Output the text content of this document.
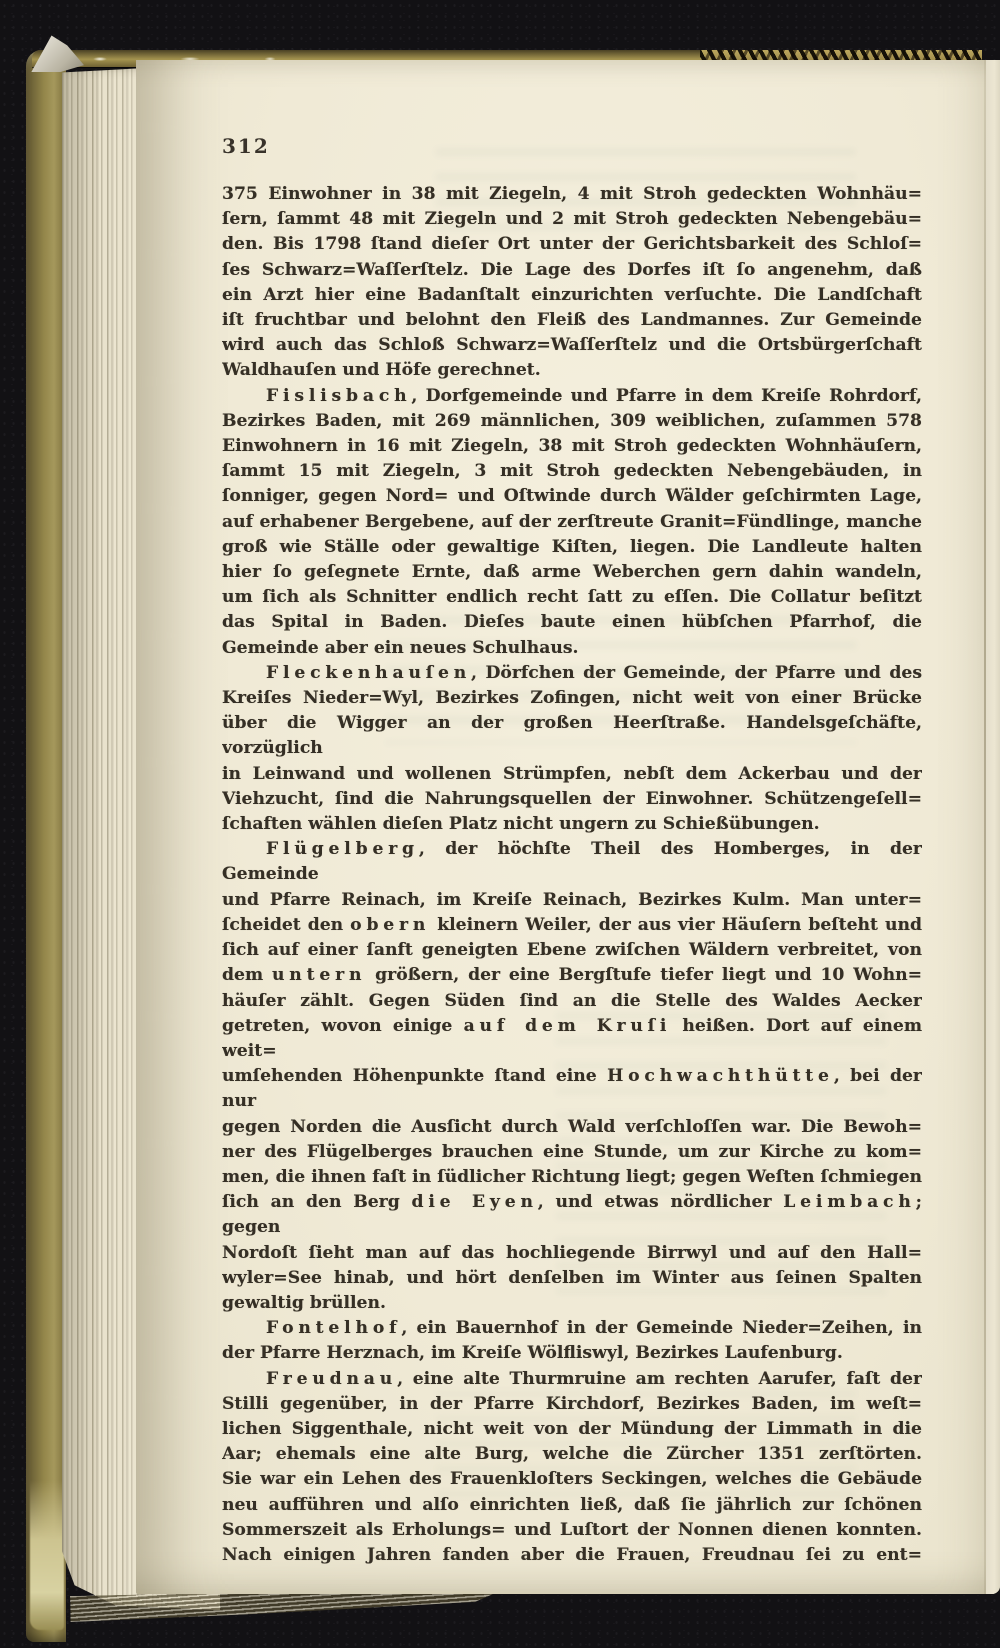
312
375 Einwohner in 38 mit Ziegeln, 4 mit Stroh gedeckten Wohnhäu=
ſern, ſammt 48 mit Ziegeln und 2 mit Stroh gedeckten Nebengebäu=
den. Bis 1798 ſtand dieſer Ort unter der Gerichtsbarkeit des Schloſ=
ſes Schwarz=Waſſerſtelz. Die Lage des Dorfes iſt ſo angenehm, daß
ein Arzt hier eine Badanſtalt einzurichten verſuchte. Die Landſchaft
iſt fruchtbar und belohnt den Fleiß des Landmannes. Zur Gemeinde
wird auch das Schloß Schwarz=Waſſerſtelz und die Ortsbürgerſchaft
Waldhauſen und Höfe gerechnet.
Fislisbach, Dorfgemeinde und Pfarre in dem Kreiſe Rohrdorf,
Bezirkes Baden, mit 269 männlichen, 309 weiblichen, zuſammen 578
Einwohnern in 16 mit Ziegeln, 38 mit Stroh gedeckten Wohnhäuſern,
ſammt 15 mit Ziegeln, 3 mit Stroh gedeckten Nebengebäuden, in
ſonniger, gegen Nord= und Oſtwinde durch Wälder geſchirmten Lage,
auf erhabener Bergebene, auf der zerſtreute Granit=Fündlinge, manche
groß wie Ställe oder gewaltige Kiſten, liegen. Die Landleute halten
hier ſo geſegnete Ernte, daß arme Weberchen gern dahin wandeln,
um ſich als Schnitter endlich recht ſatt zu eſſen. Die Collatur beſitzt
das Spital in Baden. Dieſes baute einen hübſchen Pfarrhof, die
Gemeinde aber ein neues Schulhaus.
Fleckenhauſen, Dörfchen der Gemeinde, der Pfarre und des
Kreiſes Nieder=Wyl, Bezirkes Zofingen, nicht weit von einer Brücke
über die Wigger an der großen Heerſtraße. Handelsgeſchäfte, vorzüglich
in Leinwand und wollenen Strümpfen, nebſt dem Ackerbau und der
Viehzucht, ſind die Nahrungsquellen der Einwohner. Schützengeſell=
ſchaften wählen dieſen Platz nicht ungern zu Schießübungen.
Flügelberg, der höchſte Theil des Homberges, in der Gemeinde
und Pfarre Reinach, im Kreiſe Reinach, Bezirkes Kulm. Man unter=
ſcheidet den obern kleinern Weiler, der aus vier Häuſern beſteht und
ſich auf einer ſanft geneigten Ebene zwiſchen Wäldern verbreitet, von
dem untern größern, der eine Bergſtufe tiefer liegt und 10 Wohn=
häuſer zählt. Gegen Süden ſind an die Stelle des Waldes Aecker
getreten, wovon einige auf dem Kruſi heißen. Dort auf einem weit=
umſehenden Höhenpunkte ſtand eine Hochwachthütte, bei der nur
gegen Norden die Ausſicht durch Wald verſchloſſen war. Die Bewoh=
ner des Flügelberges brauchen eine Stunde, um zur Kirche zu kom=
men, die ihnen faſt in ſüdlicher Richtung liegt; gegen Weſten ſchmiegen
ſich an den Berg die Eyen, und etwas nördlicher Leimbach; gegen
Nordoſt ſieht man auf das hochliegende Birrwyl und auf den Hall=
wyler=See hinab, und hört denſelben im Winter aus ſeinen Spalten
gewaltig brüllen.
Fontelhof, ein Bauernhof in der Gemeinde Nieder=Zeihen, in
der Pfarre Herznach, im Kreiſe Wölfliswyl, Bezirkes Laufenburg.
Freudnau, eine alte Thurmruine am rechten Aarufer, faſt der
Stilli gegenüber, in der Pfarre Kirchdorf, Bezirkes Baden, im weſt=
lichen Siggenthale, nicht weit von der Mündung der Limmath in die
Aar; ehemals eine alte Burg, welche die Zürcher 1351 zerſtörten.
Sie war ein Lehen des Frauenkloſters Seckingen, welches die Gebäude
neu aufführen und alſo einrichten ließ, daß ſie jährlich zur ſchönen
Sommerszeit als Erholungs= und Luſtort der Nonnen dienen konnten.
Nach einigen Jahren fanden aber die Frauen, Freudnau ſei zu ent=
